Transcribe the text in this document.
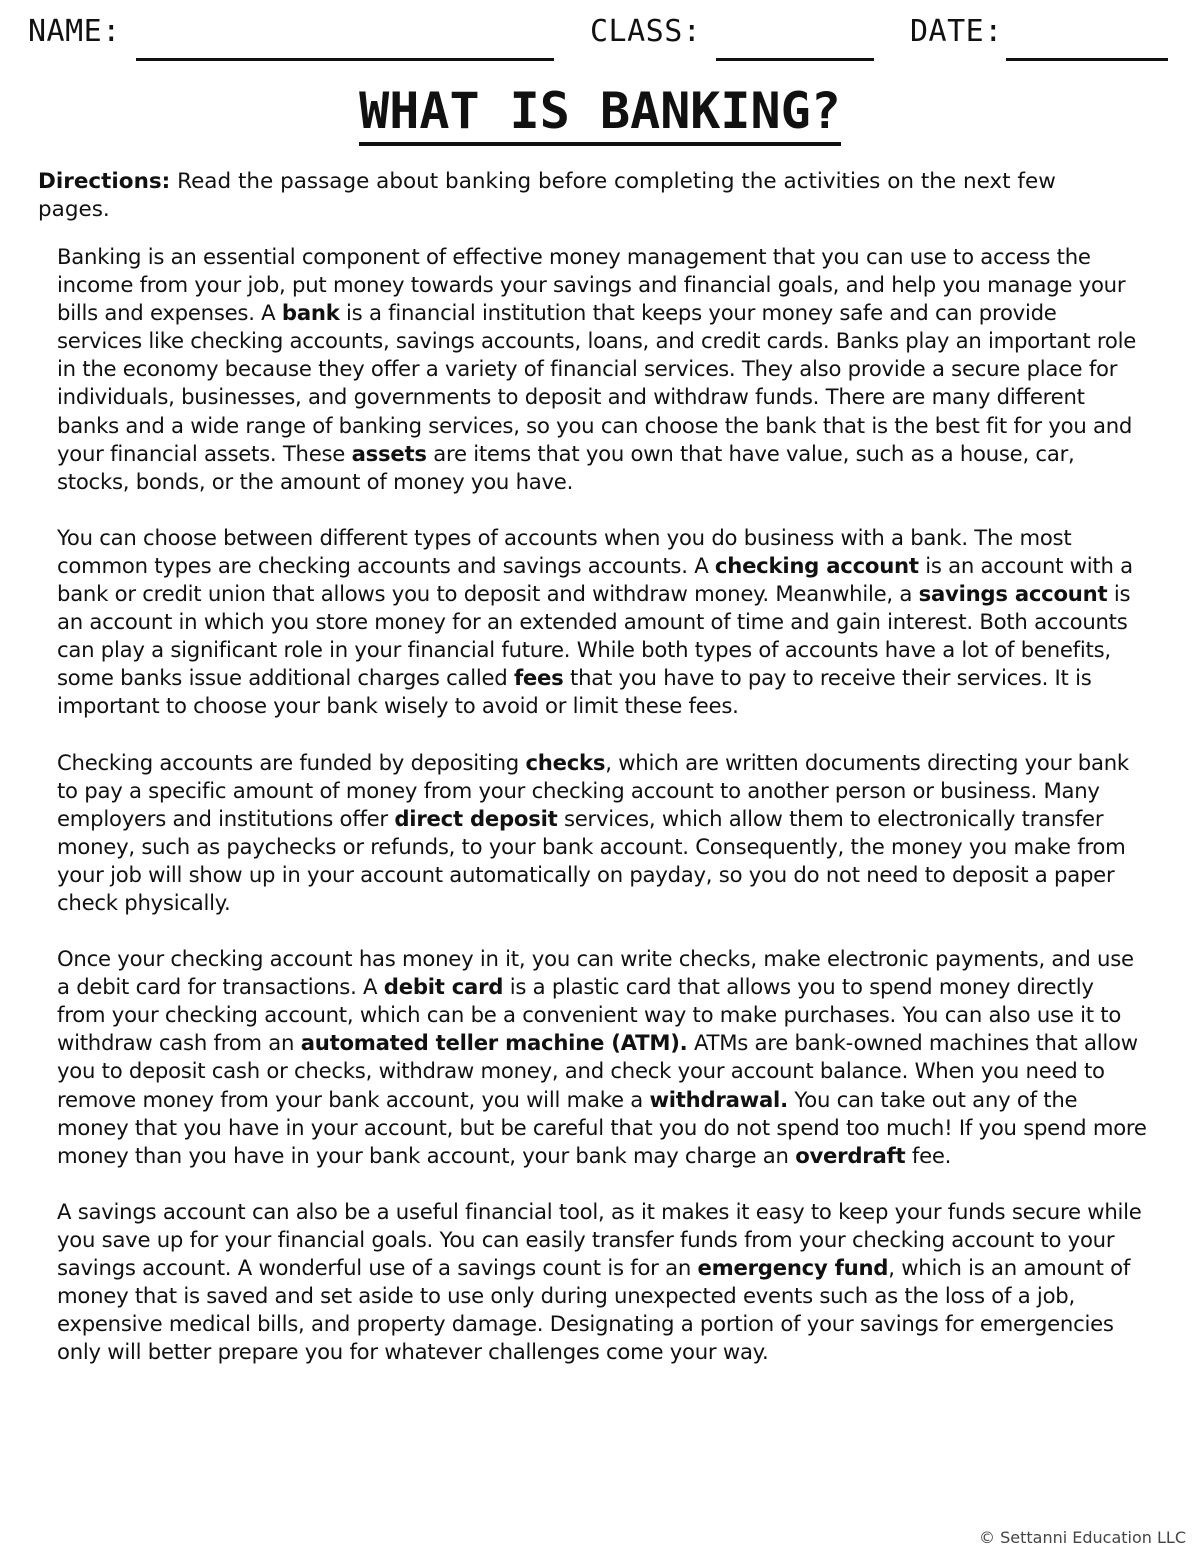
NAME:	CLASS:	DATE:
WHAT IS BANKING?
Directions: Read the passage about banking before completing the activities on the next few pages.

Banking is an essential component of effective money management that you can use to access the income from your job, put money towards your savings and financial goals, and help you manage your bills and expenses. A bank is a financial institution that keeps your money safe and can provide services like checking accounts, savings accounts, loans, and credit cards. Banks play an important role in the economy because they offer a variety of financial services. They also provide a secure place for individuals, businesses, and governments to deposit and withdraw funds. There are many different banks and a wide range of banking services, so you can choose the bank that is the best fit for you and your financial assets. These assets are items that you own that have value, such as a house, car, stocks, bonds, or the amount of money you have.

You can choose between different types of accounts when you do business with a bank. The most common types are checking accounts and savings accounts. A checking account is an account with a bank or credit union that allows you to deposit and withdraw money. Meanwhile, a savings account is an account in which you store money for an extended amount of time and gain interest. Both accounts can play a significant role in your financial future. While both types of accounts have a lot of benefits, some banks issue additional charges called fees that you have to pay to receive their services. It is important to choose your bank wisely to avoid or limit these fees.

Checking accounts are funded by depositing checks, which are written documents directing your bank to pay a specific amount of money from your checking account to another person or business. Many employers and institutions offer direct deposit services, which allow them to electronically transfer money, such as paychecks or refunds, to your bank account. Consequently, the money you make from your job will show up in your account automatically on payday, so you do not need to deposit a paper check physically.

Once your checking account has money in it, you can write checks, make electronic payments, and use a debit card for transactions. A debit card is a plastic card that allows you to spend money directly from your checking account, which can be a convenient way to make purchases. You can also use it to withdraw cash from an automated teller machine (ATM). ATMs are bank-owned machines that allow you to deposit cash or checks, withdraw money, and check your account balance. When you need to remove money from your bank account, you will make a withdrawal. You can take out any of the money that you have in your account, but be careful that you do not spend too much! If you spend more money than you have in your bank account, your bank may charge an overdraft fee.

A savings account can also be a useful financial tool, as it makes it easy to keep your funds secure while you save up for your financial goals. You can easily transfer funds from your checking account to your savings account. A wonderful use of a savings count is for an emergency fund, which is an amount of money that is saved and set aside to use only during unexpected events such as the loss of a job, expensive medical bills, and property damage. Designating a portion of your savings for emergencies only will better prepare you for whatever challenges come your way.

© Settanni Education LLC
